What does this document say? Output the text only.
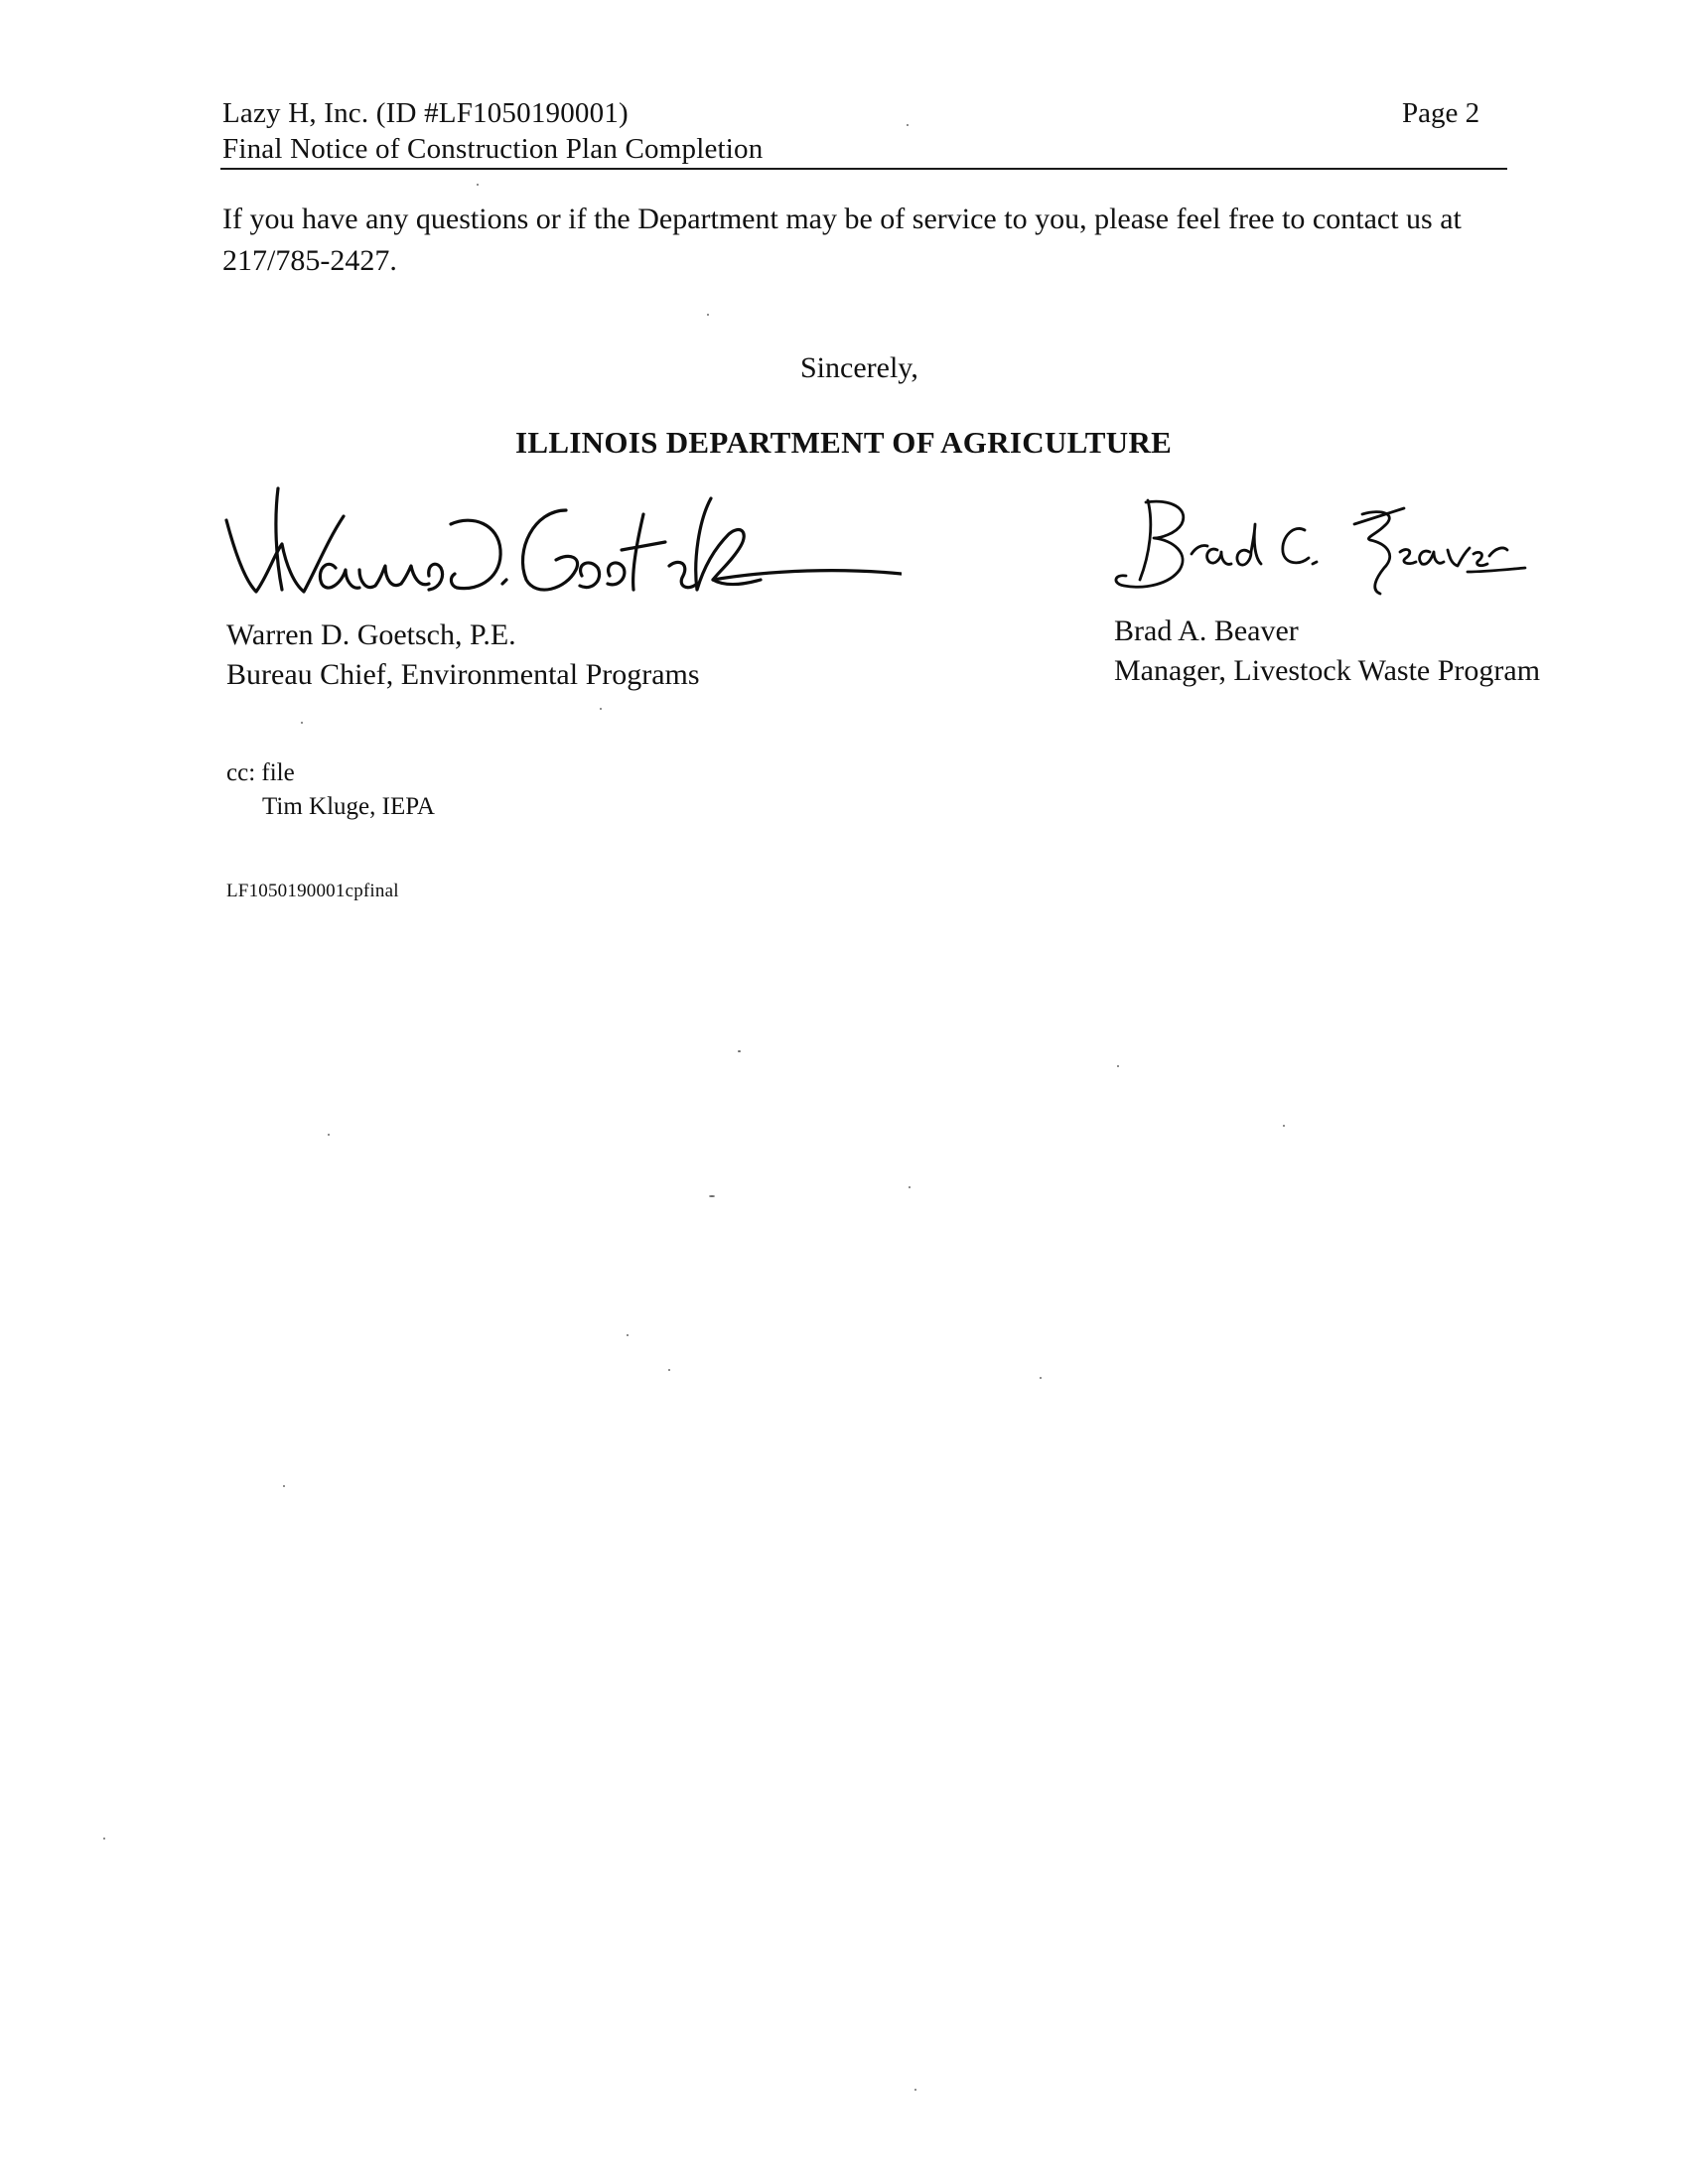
Lazy H, Inc. (ID #LF1050190001)
Final Notice of Construction Plan Completion
Page 2

If you have any questions or if the Department may be of service to you, please feel free to contact us at 217/785-2427.

Sincerely,
ILLINOIS DEPARTMENT OF AGRICULTURE
Warren D. Goetsch, P.E.
Bureau Chief, Environmental Programs
Brad A. Beaver
Manager, Livestock Waste Program
cc: file
Tim Kluge, IEPA
LF1050190001cpfinal
